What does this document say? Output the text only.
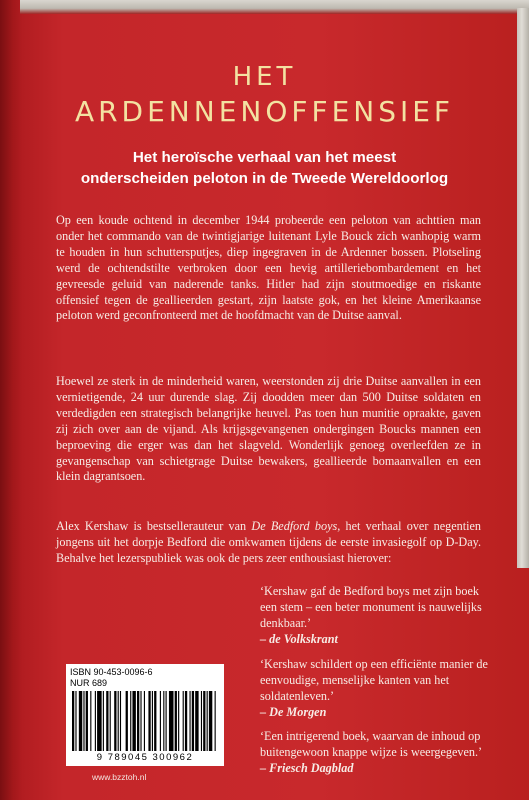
HET
ARDENNENOFFENSIEF

Het heroïsche verhaal van het meest
onderscheiden peloton in de Tweede Wereldoorlog

Op een koude ochtend in december 1944 probeerde een peloton van achttien man onder het commando van de twintigjarige luitenant Lyle Bouck zich wanhopig warm te houden in hun schuttersputjes, diep ingegraven in de Ardenner bossen. Plotseling werd de ochtendstilte verbroken door een hevig artilleriebombardement en het gevreesde geluid van naderende tanks. Hitler had zijn stoutmoedige en riskante offensief tegen de geallieerden gestart, zijn laatste gok, en het kleine Amerikaanse peloton werd geconfronteerd met de hoofdmacht van de Duitse aanval.

Hoewel ze sterk in de minderheid waren, weerstonden zij drie Duitse aanvallen in een vernietigende, 24 uur durende slag. Zij doodden meer dan 500 Duitse soldaten en verdedigden een strategisch belangrijke heuvel. Pas toen hun munitie opraakte, gaven zij zich over aan de vijand. Als krijgsgevangenen ondergingen Boucks mannen een beproeving die erger was dan het slagveld. Wonderlijk genoeg overleefden ze in gevangenschap van schietgrage Duitse bewakers, geallieerde bomaanvallen en een klein dagrantsoen.

Alex Kershaw is bestsellerauteur van De Bedford boys, het verhaal over negentien jongens uit het dorpje Bedford die omkwamen tijdens de eerste invasiegolf op D-Day. Behalve het lezerspubliek was ook de pers zeer enthousiast hierover:

‘Kershaw gaf de Bedford boys met zijn boek een stem – een beter monument is nauwelijks denkbaar.’
– de Volkskrant

‘Kershaw schildert op een efficiënte manier de eenvoudige, menselijke kanten van het soldatenleven.’
– De Morgen

‘Een intrigerend boek, waarvan de inhoud op buitengewoon knappe wijze is weergegeven.’
– Friesch Dagblad

ISBN 90-453-0096-6

NUR 689

9 789045 300962

www.bzztoh.nl
